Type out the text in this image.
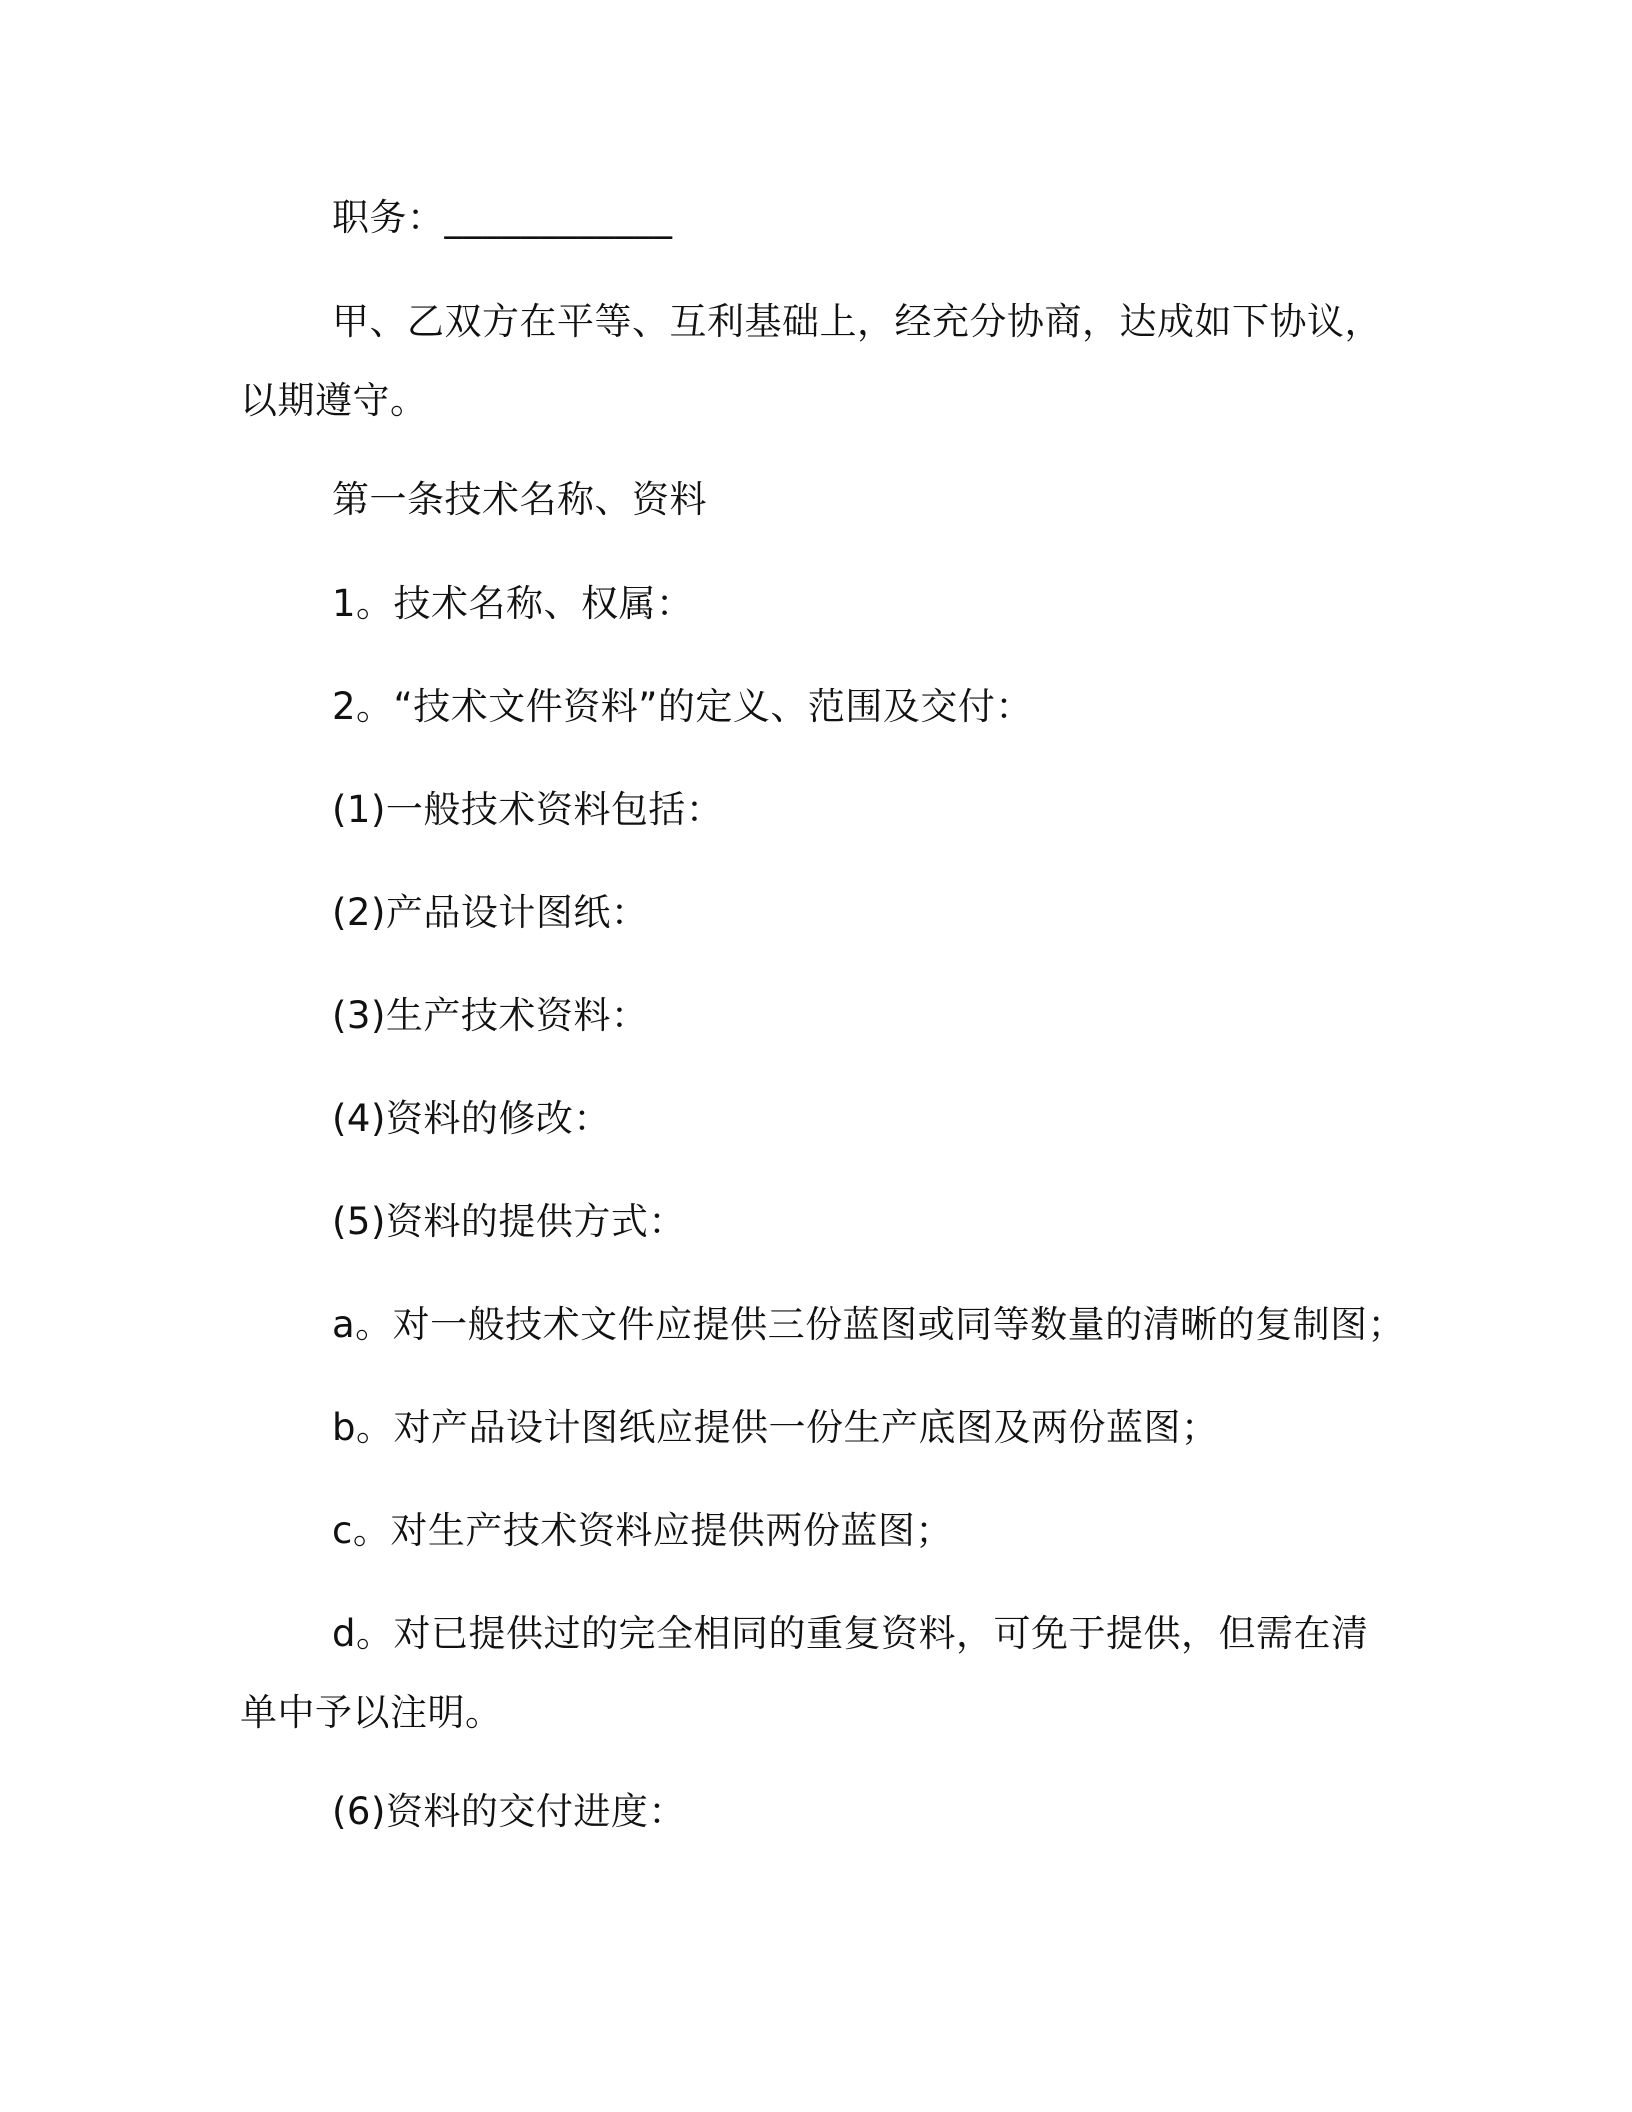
职务：____________

甲、乙双方在平等、互利基础上，经充分协商，达成如下协议，以期遵守。

第一条技术名称、资料

1。技术名称、权属：

2。“技术文件资料”的定义、范围及交付：

(1)一般技术资料包括：

(2)产品设计图纸：

(3)生产技术资料：

(4)资料的修改：

(5)资料的提供方式：

a。对一般技术文件应提供三份蓝图或同等数量的清晰的复制图；

b。对产品设计图纸应提供一份生产底图及两份蓝图；

c。对生产技术资料应提供两份蓝图；

d。对已提供过的完全相同的重复资料，可免于提供，但需在清单中予以注明。

(6)资料的交付进度：
